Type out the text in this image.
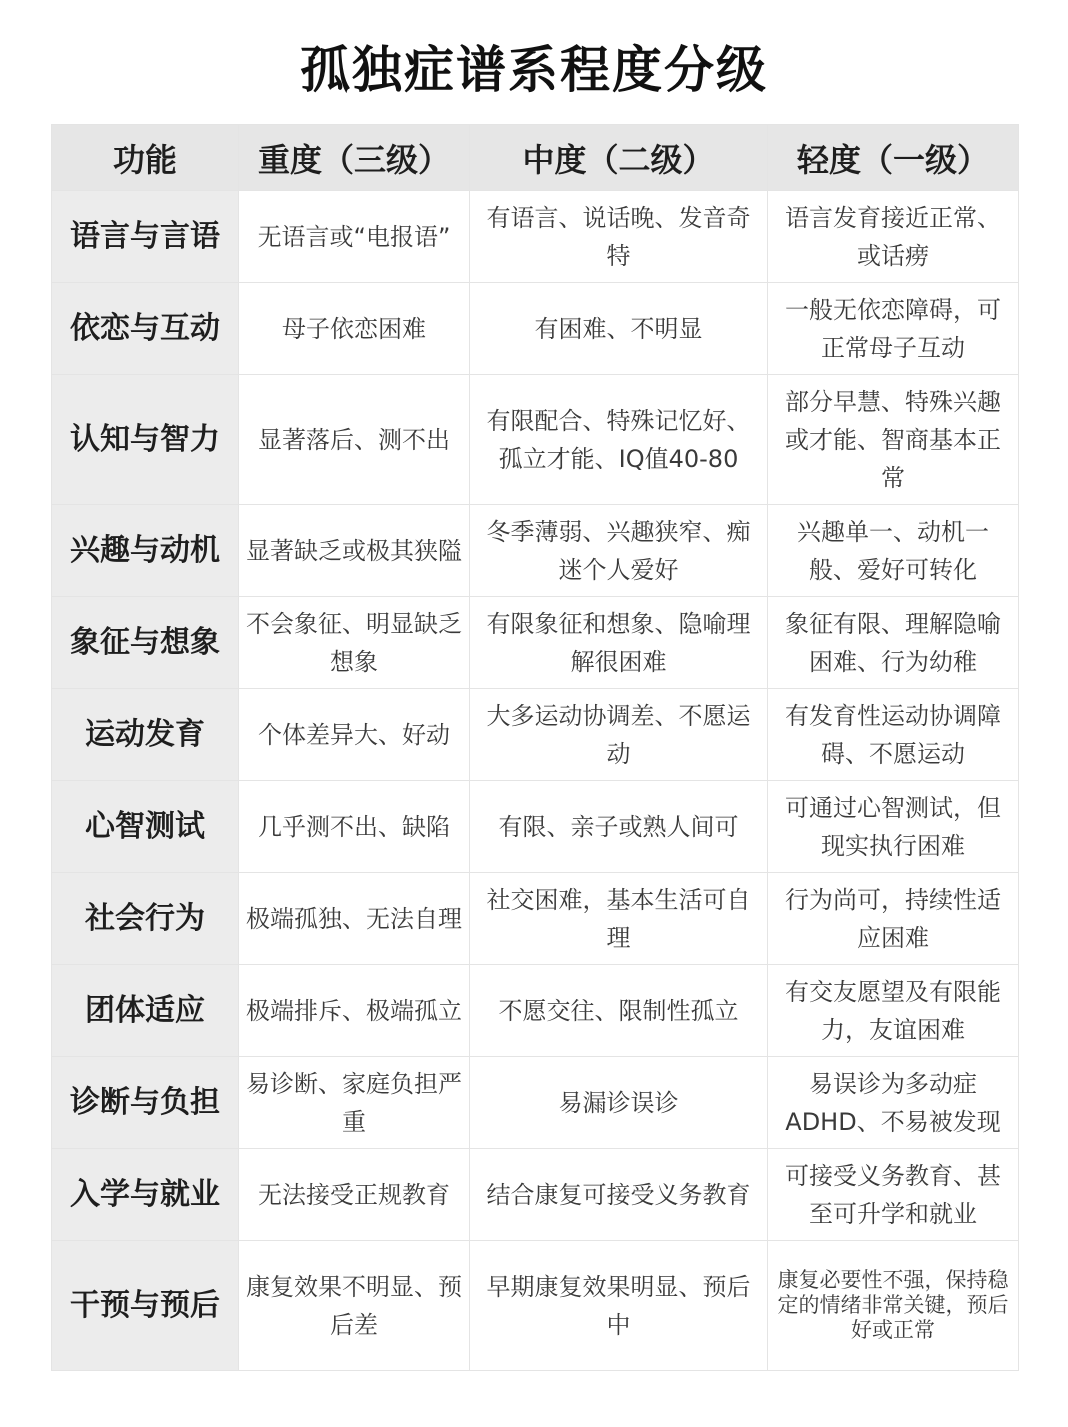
孤独症谱系程度分级
功能	重度（三级）	中度（二级）	轻度（一级）
语言与言语	无语言或“电报语”	有语言、说话晚、发音奇特	语言发育接近正常、或话痨
依恋与互动	母子依恋困难	有困难、不明显	一般无依恋障碍，可正常母子互动
认知与智力	显著落后、测不出	有限配合、特殊记忆好、孤立才能、IQ值40-80	部分早慧、特殊兴趣或才能、智商基本正常
兴趣与动机	显著缺乏或极其狭隘	冬季薄弱、兴趣狭窄、痴迷个人爱好	兴趣单一、动机一般、爱好可转化
象征与想象	不会象征、明显缺乏想象	有限象征和想象、隐喻理解很困难	象征有限、理解隐喻困难、行为幼稚
运动发育	个体差异大、好动	大多运动协调差、不愿运动	有发育性运动协调障碍、不愿运动
心智测试	几乎测不出、缺陷	有限、亲子或熟人间可	可通过心智测试，但现实执行困难
社会行为	极端孤独、无法自理	社交困难，基本生活可自理	行为尚可，持续性适应困难
团体适应	极端排斥、极端孤立	不愿交往、限制性孤立	有交友愿望及有限能力，友谊困难
诊断与负担	易诊断、家庭负担严重	易漏诊误诊	易误诊为多动症ADHD、不易被发现
入学与就业	无法接受正规教育	结合康复可接受义务教育	可接受义务教育、甚至可升学和就业
干预与预后	康复效果不明显、预后差	早期康复效果明显、预后中	康复必要性不强，保持稳定的情绪非常关键，预后好或正常
